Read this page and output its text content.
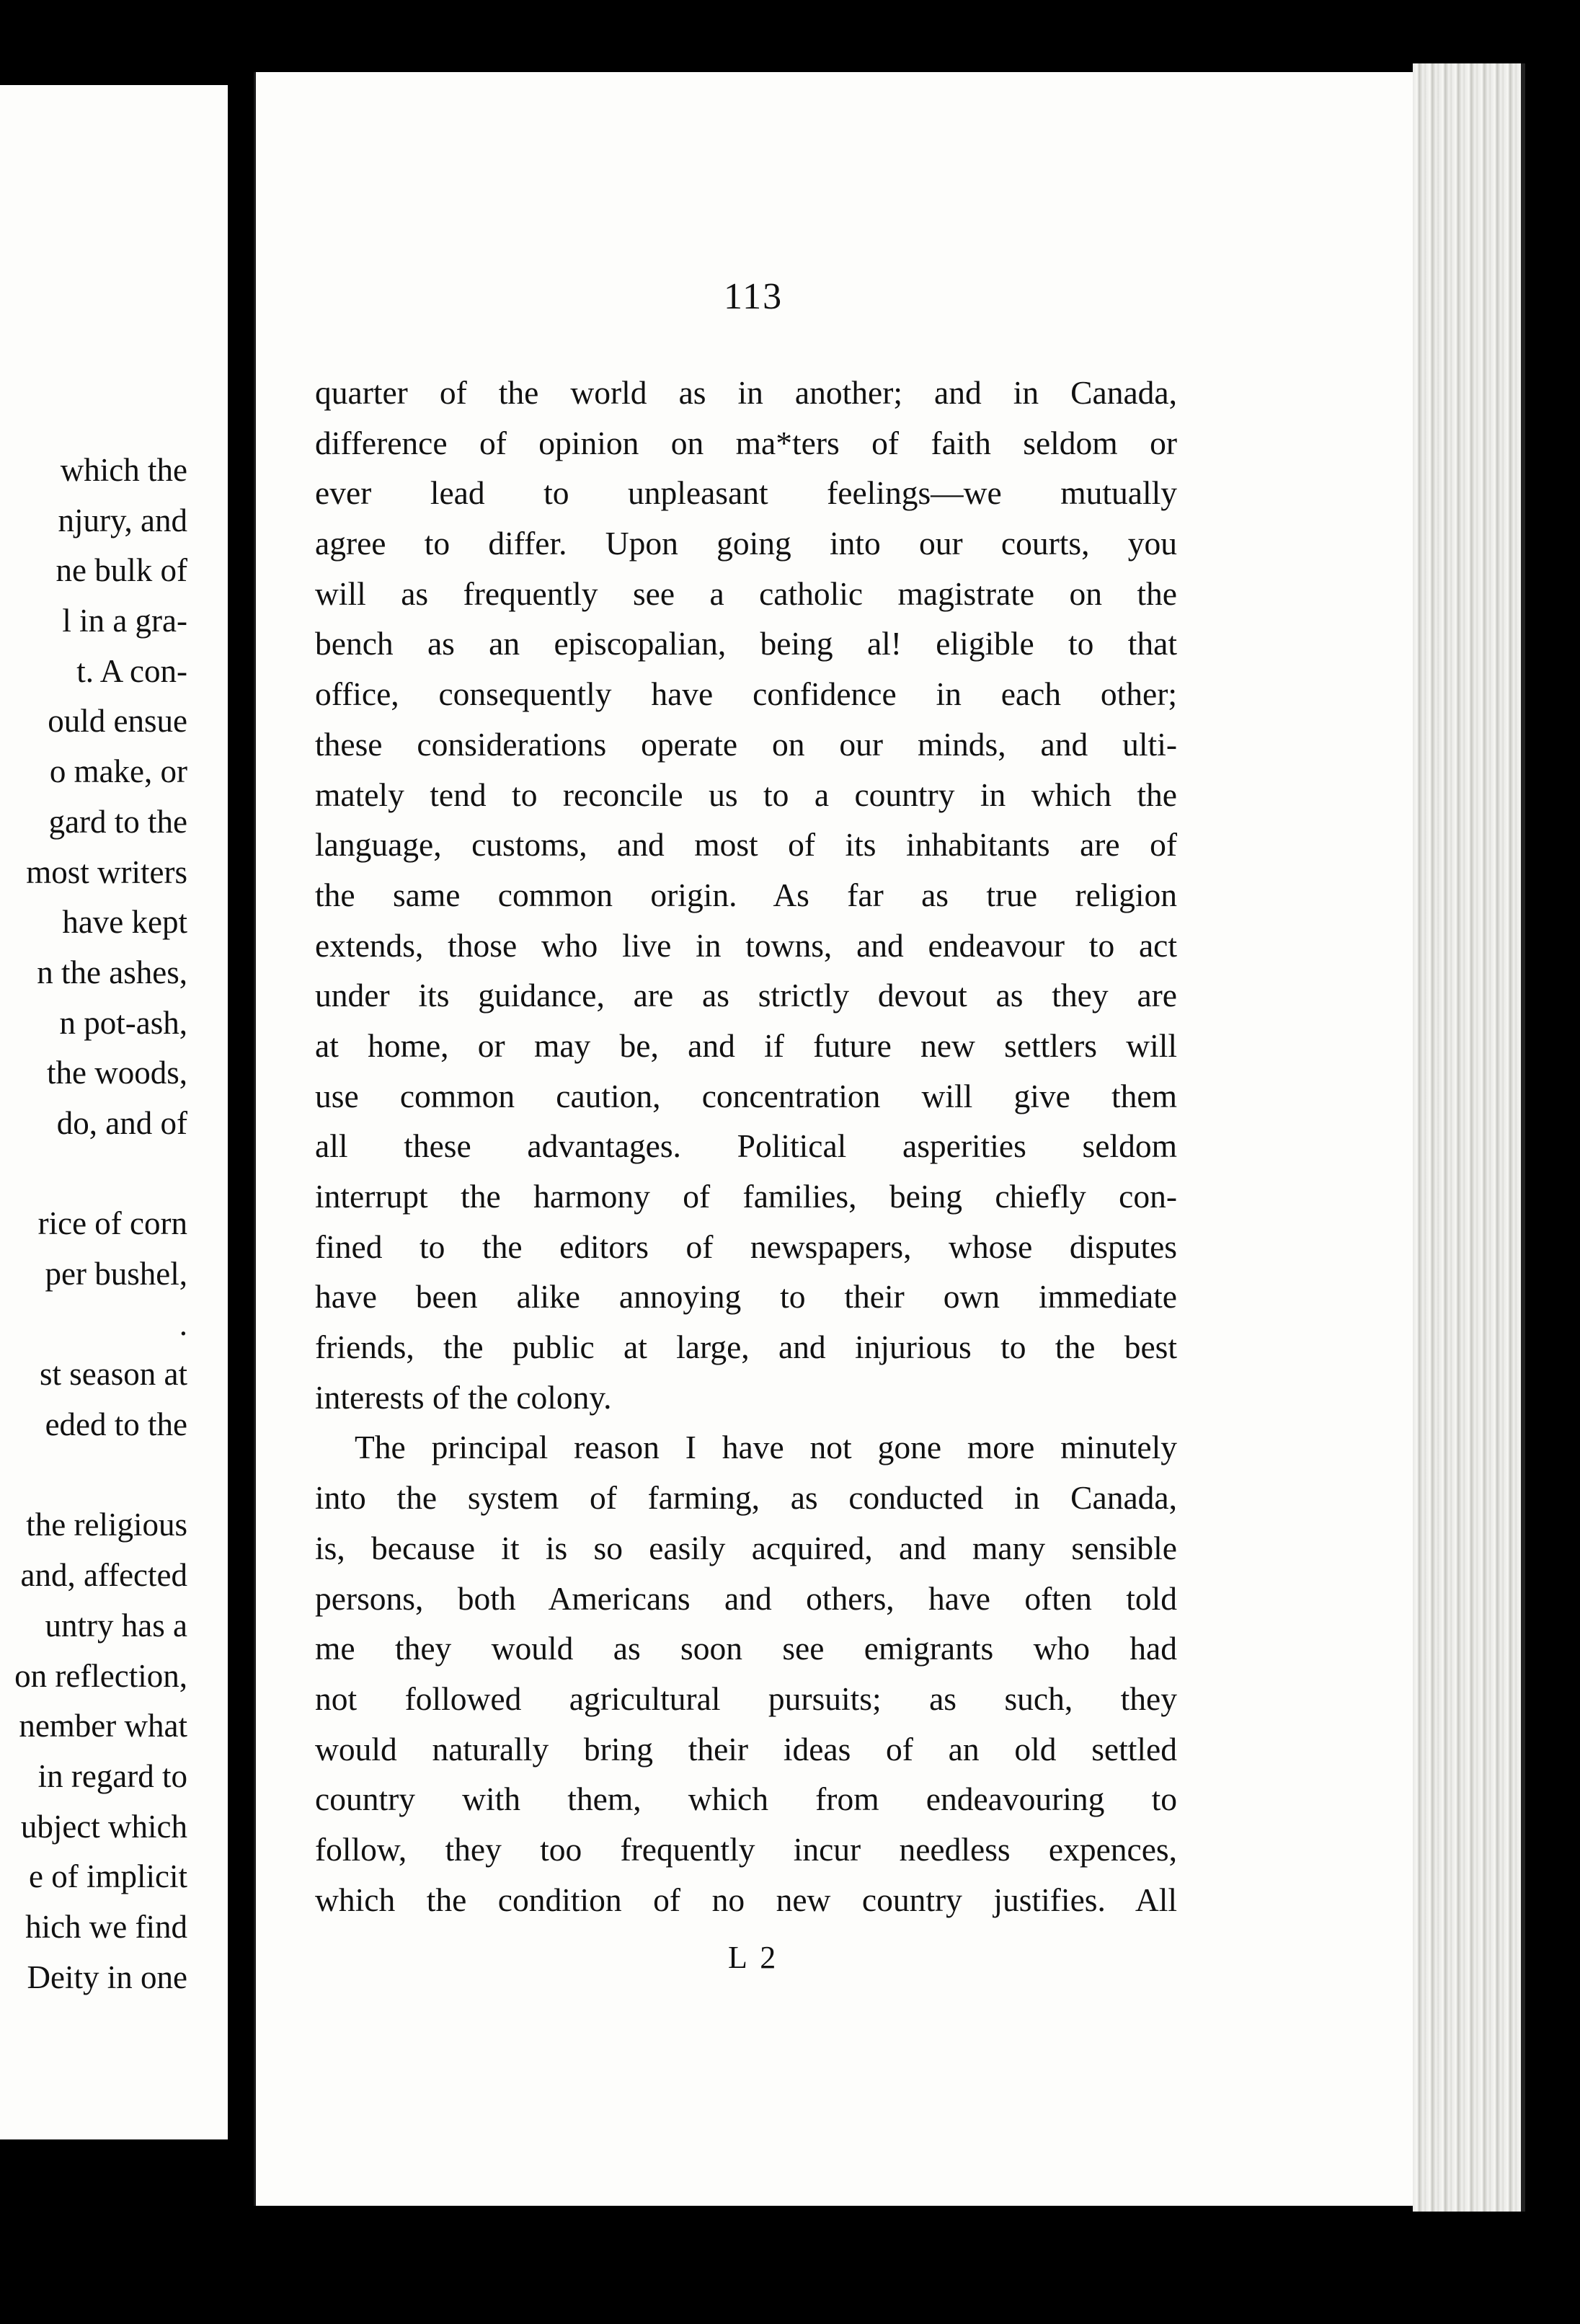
which the
njury, and
ne bulk of
l in a gra-
t. A con-
ould ensue
o make, or
gard to the
most writers
have kept
n the ashes,
n pot-ash,
the woods,
do, and of
rice of corn
per bushel,
.
st season at
eded to the
the religious
and, affected
untry has a
on reflection,
nember what
in regard to
ubject which
e of implicit
hich we find
Deity in one
113
quarter of the world as in another; and in Canada,
difference of opinion on ma*ters of faith seldom or
ever lead to unpleasant feelings—we mutually
agree to differ. Upon going into our courts, you
will as frequently see a catholic magistrate on the
bench as an episcopalian, being al! eligible to that
office, consequently have confidence in each other;
these considerations operate on our minds, and ulti-
mately tend to reconcile us to a country in which the
language, customs, and most of its inhabitants are of
the same common origin. As far as true religion
extends, those who live in towns, and endeavour to act
under its guidance, are as strictly devout as they are
at home, or may be, and if future new settlers will
use common caution, concentration will give them
all these advantages. Political asperities seldom
interrupt the harmony of families, being chiefly con-
fined to the editors of newspapers, whose disputes
have been alike annoying to their own immediate
friends, the public at large, and injurious to the best
interests of the colony.
The principal reason I have not gone more minutely
into the system of farming, as conducted in Canada,
is, because it is so easily acquired, and many sensible
persons, both Americans and others, have often told
me they would as soon see emigrants who had
not followed agricultural pursuits; as such, they
would naturally bring their ideas of an old settled
country with them, which from endeavouring to
follow, they too frequently incur needless expences,
which the condition of no new country justifies. All
L 2
